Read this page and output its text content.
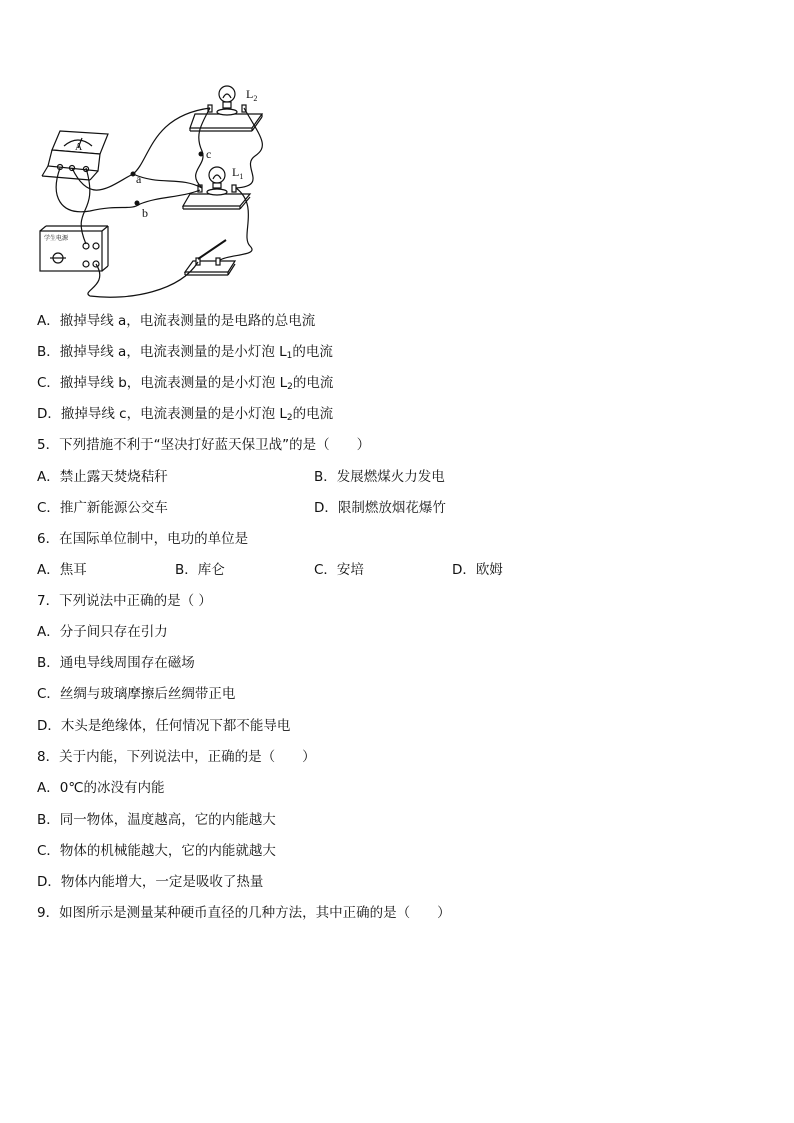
$L_2$
$L_1$
a
b
c
A
学生电源
A．撤掉导线 a，电流表测量的是电路的总电流
B．撤掉导线 a，电流表测量的是小灯泡 $L_1$的电流
C．撤掉导线 b，电流表测量的是小灯泡 $L_2$的电流
D．撤掉导线 c，电流表测量的是小灯泡 $L_2$的电流
5．下列措施不利于“坚决打好蓝天保卫战”的是（　　）
A．禁止露天焚烧秸秆	B．发展燃煤火力发电
C．推广新能源公交车	D．限制燃放烟花爆竹
6．在国际单位制中，电功的单位是
A．焦耳	B．库仑	C．安培	D．欧姆
7．下列说法中正确的是（ ）
A．分子间只存在引力
B．通电导线周围存在磁场
C．丝绸与玻璃摩擦后丝绸带正电
D．木头是绝缘体，任何情况下都不能导电
8．关于内能，下列说法中，正确的是（　　）
A．0℃的冰没有内能
B．同一物体，温度越高，它的内能越大
C．物体的机械能越大，它的内能就越大
D．物体内能增大，一定是吸收了热量
9．如图所示是测量某种硬币直径的几种方法，其中正确的是（　　）
